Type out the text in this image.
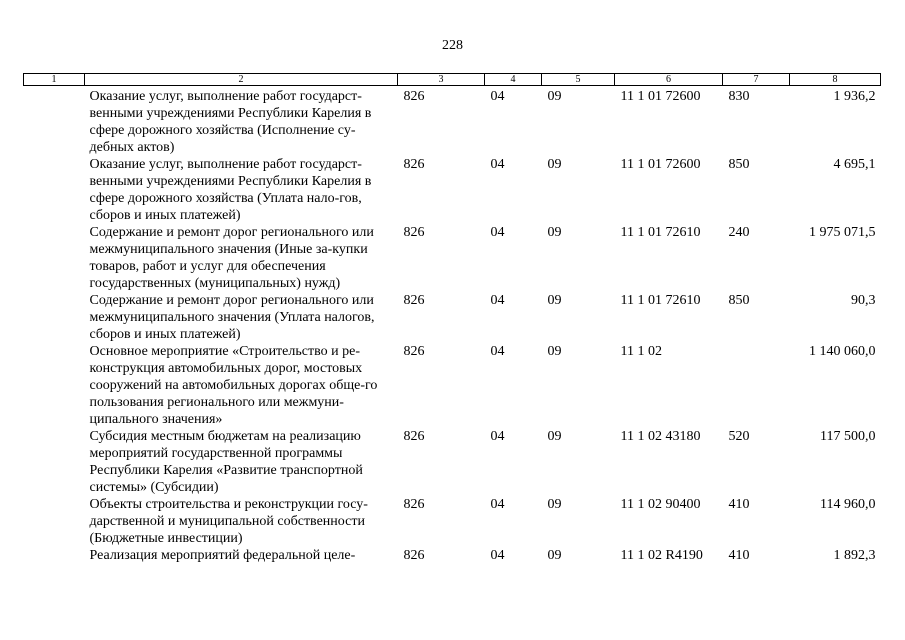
228
1	2	3	4	5	6	7	8
	Оказание услуг, выполнение работ государст-венными учреждениями Республики Карелия в сфере дорожного хозяйства (Исполнение су-дебных актов)	826	04	09	11 1 01 72600	830	1 936,2
	Оказание услуг, выполнение работ государст-венными учреждениями Республики Карелия в сфере дорожного хозяйства (Уплата нало-гов, сборов и иных платежей)	826	04	09	11 1 01 72600	850	4 695,1
	Содержание и ремонт дорог регионального или межмуниципального значения (Иные за-купки товаров, работ и услуг для обеспечения государственных (муниципальных) нужд)	826	04	09	11 1 01 72610	240	1 975 071,5
	Содержание и ремонт дорог регионального или межмуниципального значения (Уплата налогов, сборов и иных платежей)	826	04	09	11 1 01 72610	850	90,3
	Основное мероприятие «Строительство и ре-конструкция автомобильных дорог, мостовых сооружений на автомобильных дорогах обще-го пользования регионального или межмуни-ципального значения»	826	04	09	11 1 02		1 140 060,0
	Субсидия местным бюджетам на реализацию мероприятий государственной программы Республики Карелия «Развитие транспортной системы» (Субсидии)	826	04	09	11 1 02 43180	520	117 500,0
	Объекты строительства и реконструкции госу-дарственной и муниципальной собственности (Бюджетные инвестиции)	826	04	09	11 1 02 90400	410	114 960,0
	Реализация мероприятий федеральной целе-	826	04	09	11 1 02 R4190	410	1 892,3
